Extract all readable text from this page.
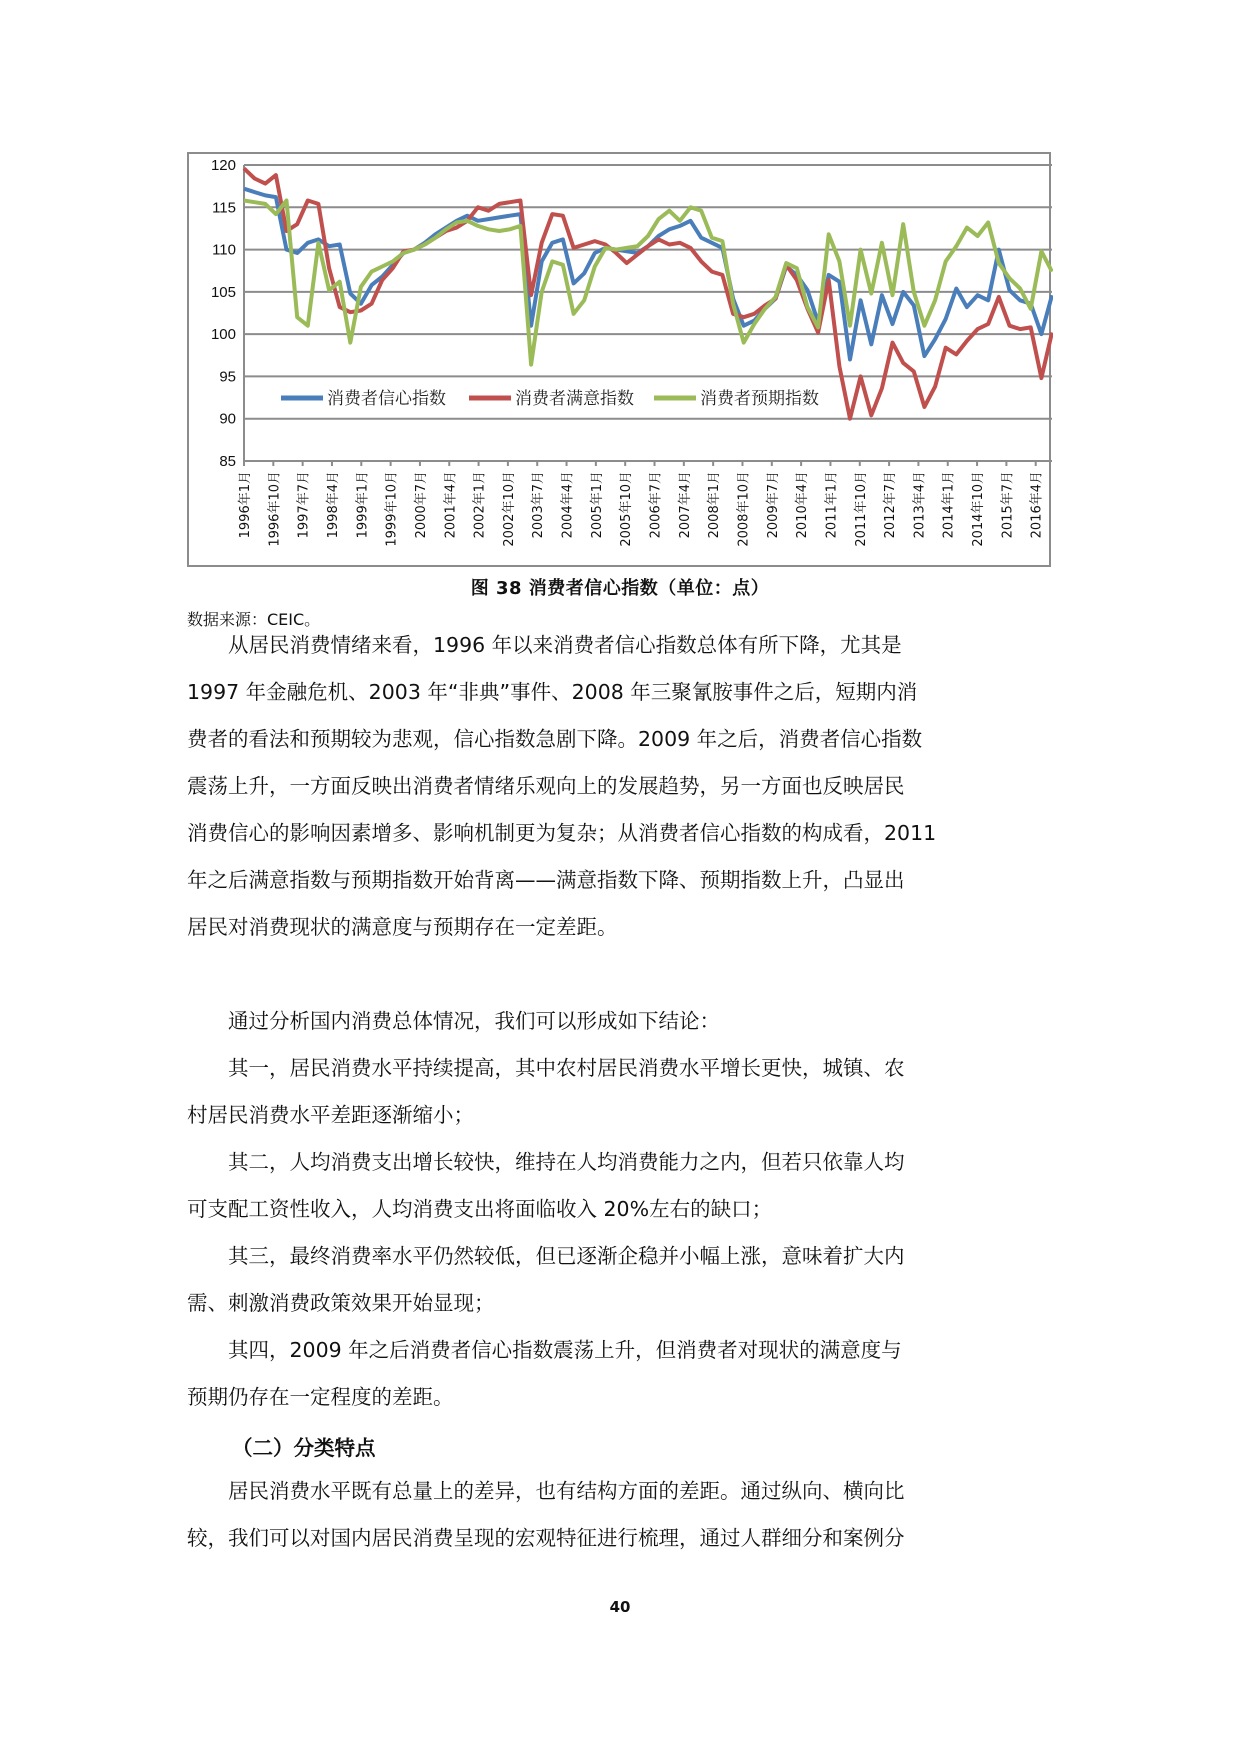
120
115
110
105
100
95
90
85
1996年1月 1996年10月 1997年7月 1998年4月 1999年1月 1999年10月 2000年7月 2001年4月 2002年1月 2002年10月 2003年7月 2004年4月 2005年1月 2005年10月 2006年7月 2007年4月 2008年1月 2008年10月 2009年7月 2010年4月 2011年1月 2011年10月 2012年7月 2013年4月 2014年1月 2014年10月 2015年7月 2016年4月
消费者信心指数	消费者满意指数	消费者预期指数
图 38 消费者信心指数（单位：点）
数据来源：CEIC。
从居民消费情绪来看，1996 年以来消费者信心指数总体有所下降，尤其是
1997 年金融危机、2003 年“非典”事件、2008 年三聚氰胺事件之后，短期内消
费者的看法和预期较为悲观，信心指数急剧下降。2009 年之后，消费者信心指数
震荡上升，一方面反映出消费者情绪乐观向上的发展趋势，另一方面也反映居民
消费信心的影响因素增多、影响机制更为复杂；从消费者信心指数的构成看，2011
年之后满意指数与预期指数开始背离——满意指数下降、预期指数上升，凸显出
居民对消费现状的满意度与预期存在一定差距。
通过分析国内消费总体情况，我们可以形成如下结论：
其一，居民消费水平持续提高，其中农村居民消费水平增长更快，城镇、农
村居民消费水平差距逐渐缩小；
其二，人均消费支出增长较快，维持在人均消费能力之内，但若只依靠人均
可支配工资性收入，人均消费支出将面临收入 20%左右的缺口；
其三，最终消费率水平仍然较低，但已逐渐企稳并小幅上涨，意味着扩大内
需、刺激消费政策效果开始显现；
其四，2009 年之后消费者信心指数震荡上升，但消费者对现状的满意度与
预期仍存在一定程度的差距。
（二）分类特点
居民消费水平既有总量上的差异，也有结构方面的差距。通过纵向、横向比
较，我们可以对国内居民消费呈现的宏观特征进行梳理，通过人群细分和案例分
40
